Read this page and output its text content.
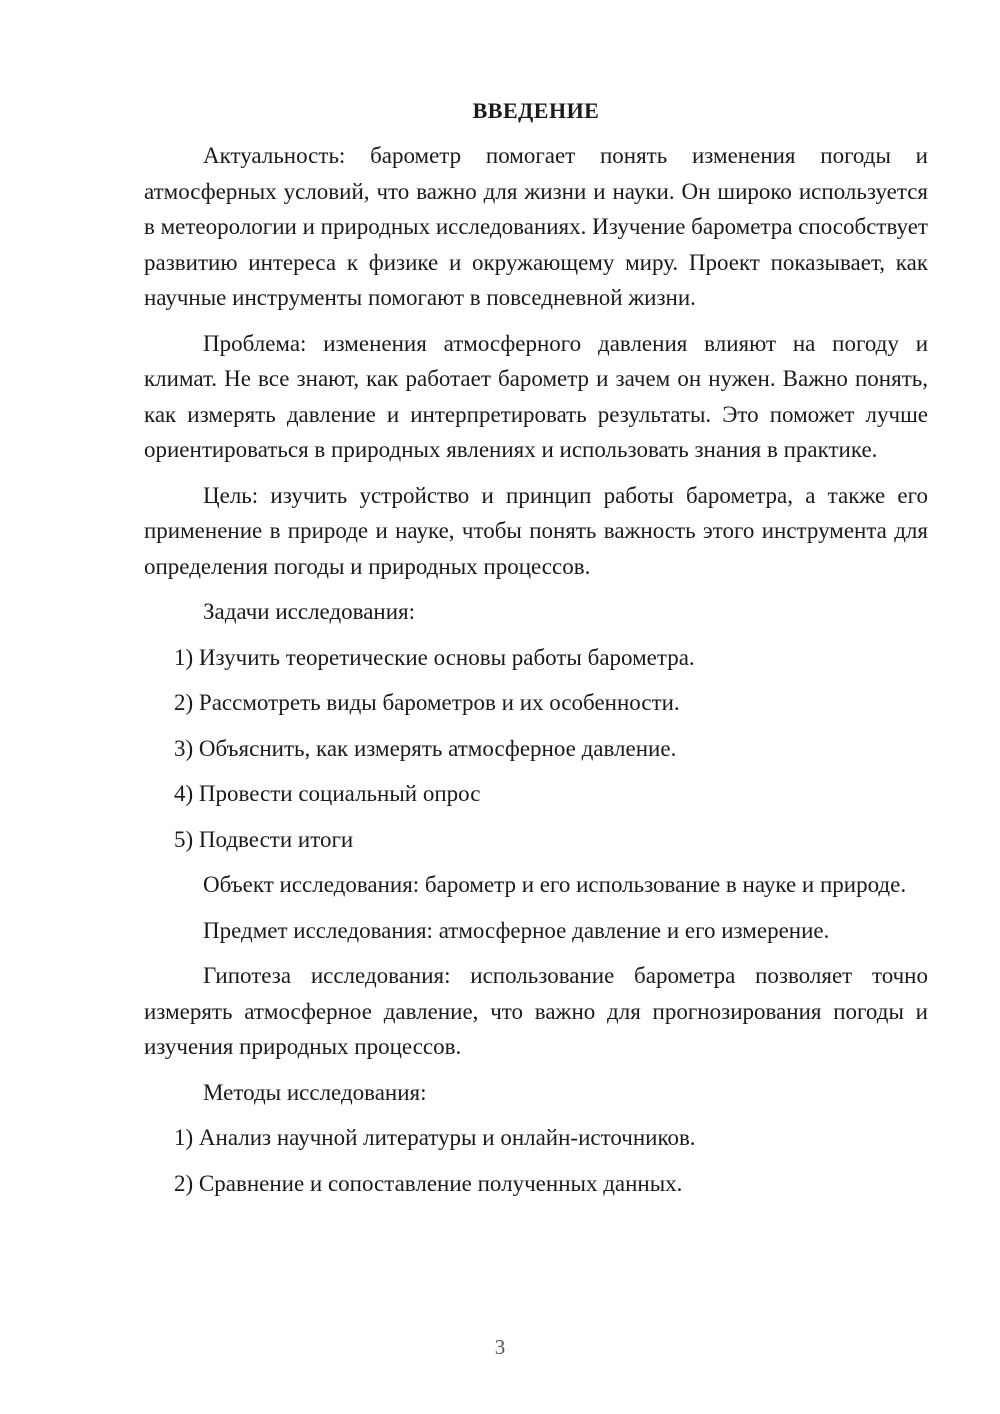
ВВЕДЕНИЕ

Актуальность: барометр помогает понять изменения погоды и атмосферных условий, что важно для жизни и науки. Он широко используется в метеорологии и природных исследованиях. Изучение барометра способствует развитию интереса к физике и окружающему миру. Проект показывает, как научные инструменты помогают в повседневной жизни.

Проблема: изменения атмосферного давления влияют на погоду и климат. Не все знают, как работает барометр и зачем он нужен. Важно понять, как измерять давление и интерпретировать результаты. Это поможет лучше ориентироваться в природных явлениях и использовать знания в практике.

Цель: изучить устройство и принцип работы барометра, а также его применение в природе и науке, чтобы понять важность этого инструмента для определения погоды и природных процессов.

Задачи исследования:

1) Изучить теоретические основы работы барометра.

2) Рассмотреть виды барометров и их особенности.

3) Объяснить, как измерять атмосферное давление.

4) Провести социальный опрос

5) Подвести итоги

Объект исследования: барометр и его использование в науке и природе.

Предмет исследования: атмосферное давление и его измерение.

Гипотеза исследования: использование барометра позволяет точно измерять атмосферное давление, что важно для прогнозирования погоды и изучения природных процессов.

Методы исследования:

1) Анализ научной литературы и онлайн-источников.

2) Сравнение и сопоставление полученных данных.

3
